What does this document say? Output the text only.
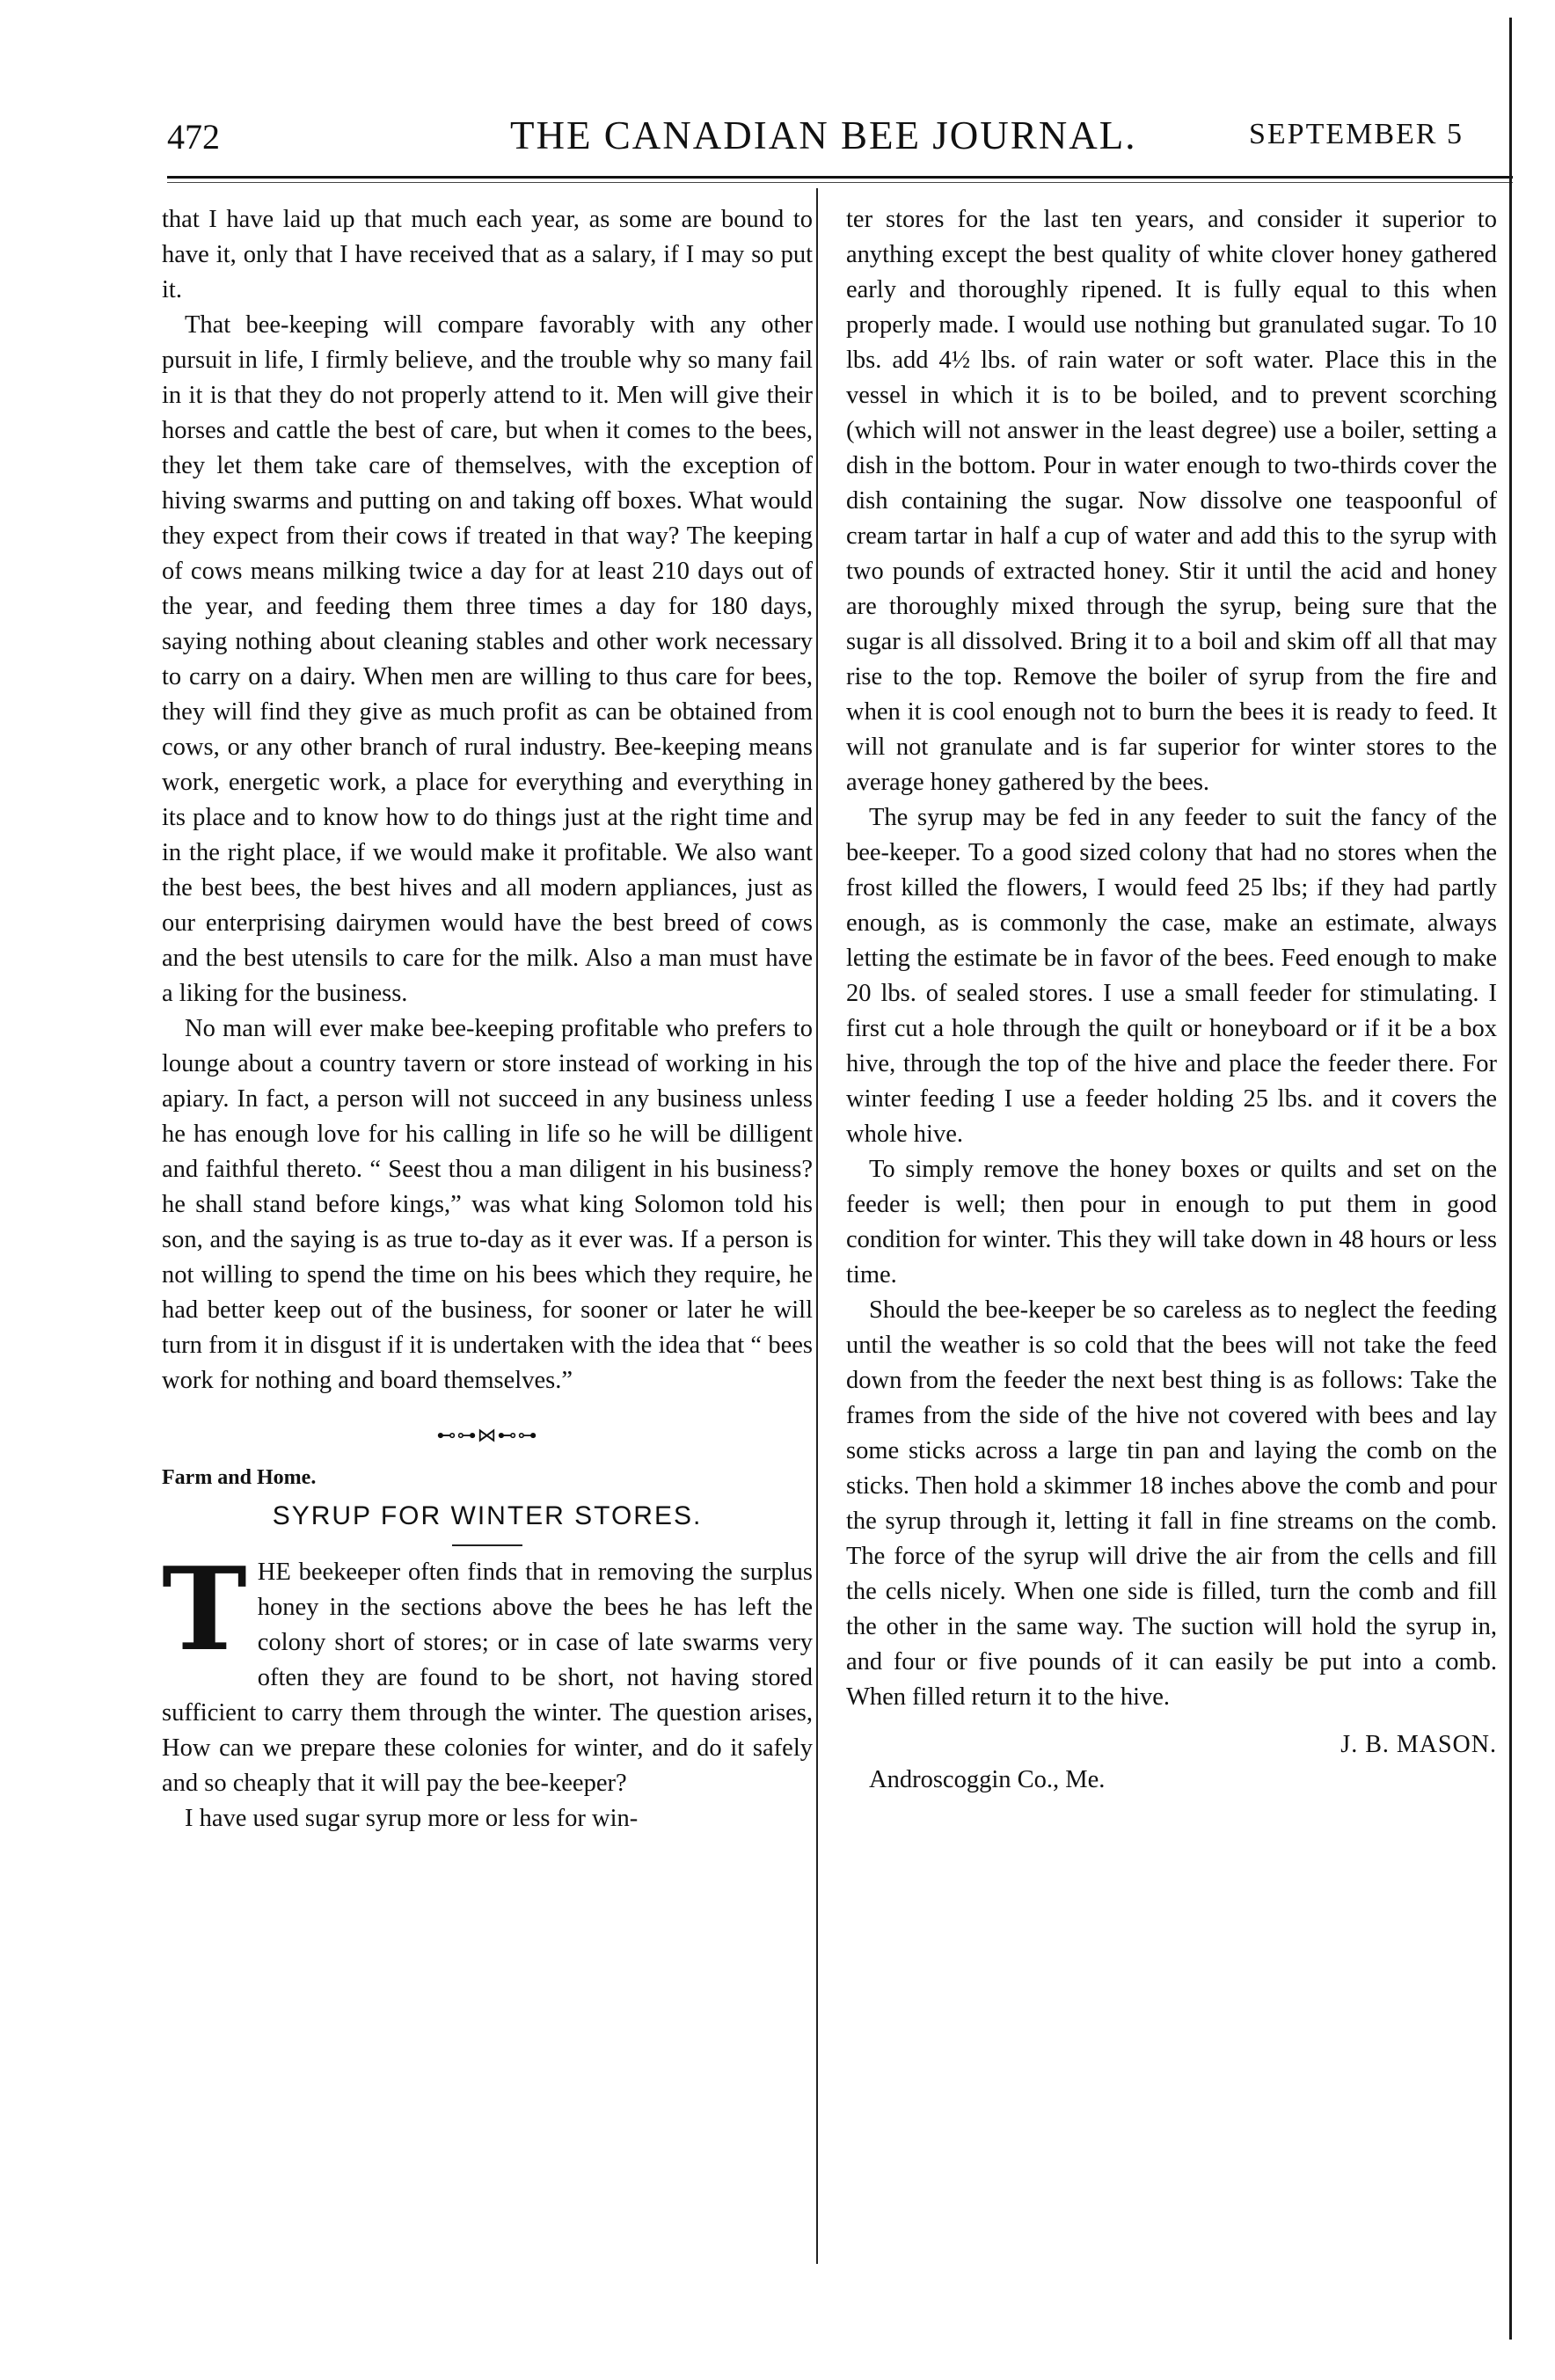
472	THE CANADIAN BEE JOURNAL.	SEPTEMBER 5

that I have laid up that much each year, as some are bound to have it, only that I have received that as a salary, if I may so put it.

That bee-keeping will compare favorably with any other pursuit in life, I firmly believe, and the trouble why so many fail in it is that they do not properly attend to it. Men will give their horses and cattle the best of care, but when it comes to the bees, they let them take care of themselves, with the exception of hiving swarms and putting on and taking off boxes. What would they expect from their cows if treated in that way? The keeping of cows means milking twice a day for at least 210 days out of the year, and feeding them three times a day for 180 days, saying nothing about cleaning stables and other work necessary to carry on a dairy. When men are willing to thus care for bees, they will find they give as much profit as can be obtained from cows, or any other branch of rural industry. Bee-keeping means work, energetic work, a place for everything and everything in its place and to know how to do things just at the right time and in the right place, if we would make it profitable. We also want the best bees, the best hives and all modern appliances, just as our enterprising dairymen would have the best breed of cows and the best utensils to care for the milk. Also a man must have a liking for the business.

No man will ever make bee-keeping profitable who prefers to lounge about a country tavern or store instead of working in his apiary. In fact, a person will not succeed in any business unless he has enough love for his calling in life so he will be dilligent and faithful thereto. “ Seest thou a man diligent in his business? he shall stand before kings,” was what king Solomon told his son, and the saying is as true to-day as it ever was. If a person is not willing to spend the time on his bees which they require, he had better keep out of the business, for sooner or later he will turn from it in disgust if it is undertaken with the idea that “ bees work for nothing and board themselves.”

⊷⊶⋈⊷⊶
Farm and Home.
SYRUP FOR WINTER STORES.

THE beekeeper often finds that in removing the surplus honey in the sections above the bees he has left the colony short of stores; or in case of late swarms very often they are found to be short, not having stored sufficient to carry them through the winter. The question arises, How can we prepare these colonies for winter, and do it safely and so cheaply that it will pay the bee-keeper?

I have used sugar syrup more or less for win-

ter stores for the last ten years, and consider it superior to anything except the best quality of white clover honey gathered early and thoroughly ripened. It is fully equal to this when properly made. I would use nothing but granulated sugar. To 10 lbs. add 4½ lbs. of rain water or soft water. Place this in the vessel in which it is to be boiled, and to prevent scorching (which will not answer in the least degree) use a boiler, setting a dish in the bottom. Pour in water enough to two-thirds cover the dish containing the sugar. Now dissolve one teaspoonful of cream tartar in half a cup of water and add this to the syrup with two pounds of extracted honey. Stir it until the acid and honey are thoroughly mixed through the syrup, being sure that the sugar is all dissolved. Bring it to a boil and skim off all that may rise to the top. Remove the boiler of syrup from the fire and when it is cool enough not to burn the bees it is ready to feed. It will not granulate and is far superior for winter stores to the average honey gathered by the bees.

The syrup may be fed in any feeder to suit the fancy of the bee-keeper. To a good sized colony that had no stores when the frost killed the flowers, I would feed 25 lbs; if they had partly enough, as is commonly the case, make an estimate, always letting the estimate be in favor of the bees. Feed enough to make 20 lbs. of sealed stores. I use a small feeder for stimulating. I first cut a hole through the quilt or honeyboard or if it be a box hive, through the top of the hive and place the feeder there. For winter feeding I use a feeder holding 25 lbs. and it covers the whole hive.

To simply remove the honey boxes or quilts and set on the feeder is well; then pour in enough to put them in good condition for winter. This they will take down in 48 hours or less time.

Should the bee-keeper be so careless as to neglect the feeding until the weather is so cold that the bees will not take the feed down from the feeder the next best thing is as follows: Take the frames from the side of the hive not covered with bees and lay some sticks across a large tin pan and laying the comb on the sticks. Then hold a skimmer 18 inches above the comb and pour the syrup through it, letting it fall in fine streams on the comb. The force of the syrup will drive the air from the cells and fill the cells nicely. When one side is filled, turn the comb and fill the other in the same way. The suction will hold the syrup in, and four or five pounds of it can easily be put into a comb. When filled return it to the hive.

J. B. MASON.

Androscoggin Co., Me.
